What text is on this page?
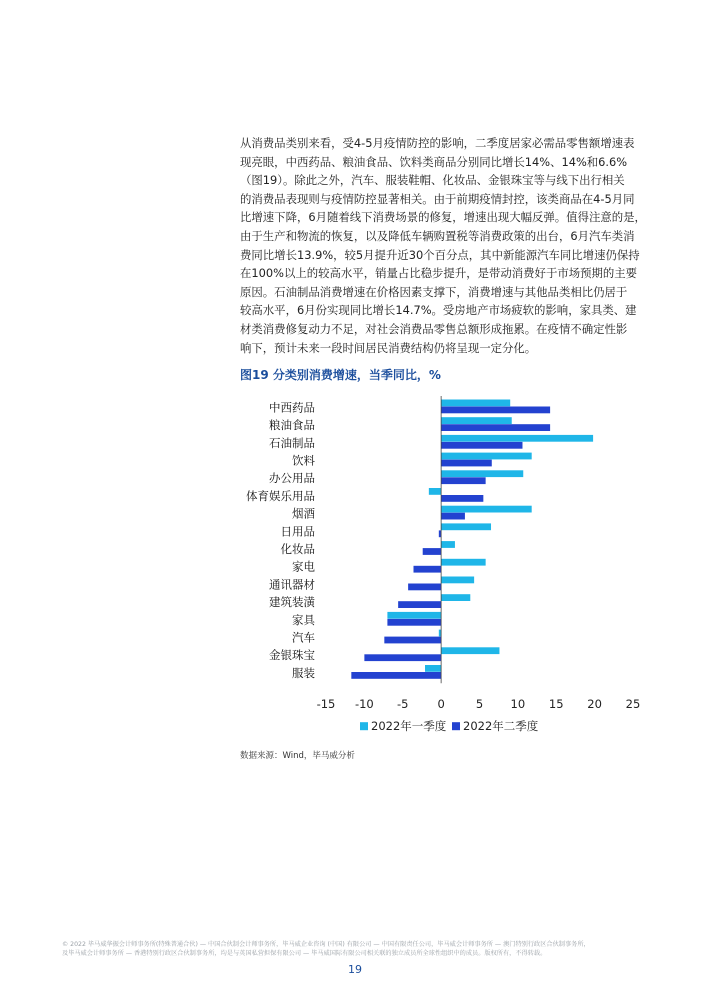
从消费品类别来看，受4-5月疫情防控的影响，二季度居家必需品零售额增速表
现亮眼，中西药品、粮油食品、饮料类商品分别同比增长14%、14%和6.6%
（图19）。除此之外，汽车、服装鞋帽、化妆品、金银珠宝等与线下出行相关
的消费品表现则与疫情防控显著相关。由于前期疫情封控，该类商品在4-5月同
比增速下降，6月随着线下消费场景的修复，增速出现大幅反弹。值得注意的是，
由于生产和物流的恢复，以及降低车辆购置税等消费政策的出台，6月汽车类消
费同比增长13.9%，较5月提升近30个百分点，其中新能源汽车同比增速仍保持
在100%以上的较高水平，销量占比稳步提升，是带动消费好于市场预期的主要
原因。石油制品消费增速在价格因素支撑下，消费增速与其他品类相比仍居于
较高水平，6月份实现同比增长14.7%。受房地产市场疲软的影响，家具类、建
材类消费修复动力不足，对社会消费品零售总额形成拖累。在疫情不确定性影
响下，预计未来一段时间居民消费结构仍将呈现一定分化。
图19 分类别消费增速，当季同比，%
中西药品
粮油食品
石油制品
饮料
办公用品
体育娱乐用品
烟酒
日用品
化妆品
家电
通讯器材
建筑装潢
家具
汽车
金银珠宝
服装
-15 -10 -5	0	5 10 15 20 25
2022年一季度 2022年二季度
数据来源：Wind，毕马威分析
© 2022 毕马威华振会计师事务所(特殊普通合伙) — 中国合伙制会计师事务所，毕马威企业咨询 (中国) 有限公司 — 中国有限责任公司，毕马威会计师事务所 — 澳门特别行政区合伙制事务所，
及毕马威会计师事务所 — 香港特别行政区合伙制事务所，均是与英国私营担保有限公司 — 毕马威国际有限公司相关联的独立成员所全球性组织中的成员。版权所有，不得转载。
19
